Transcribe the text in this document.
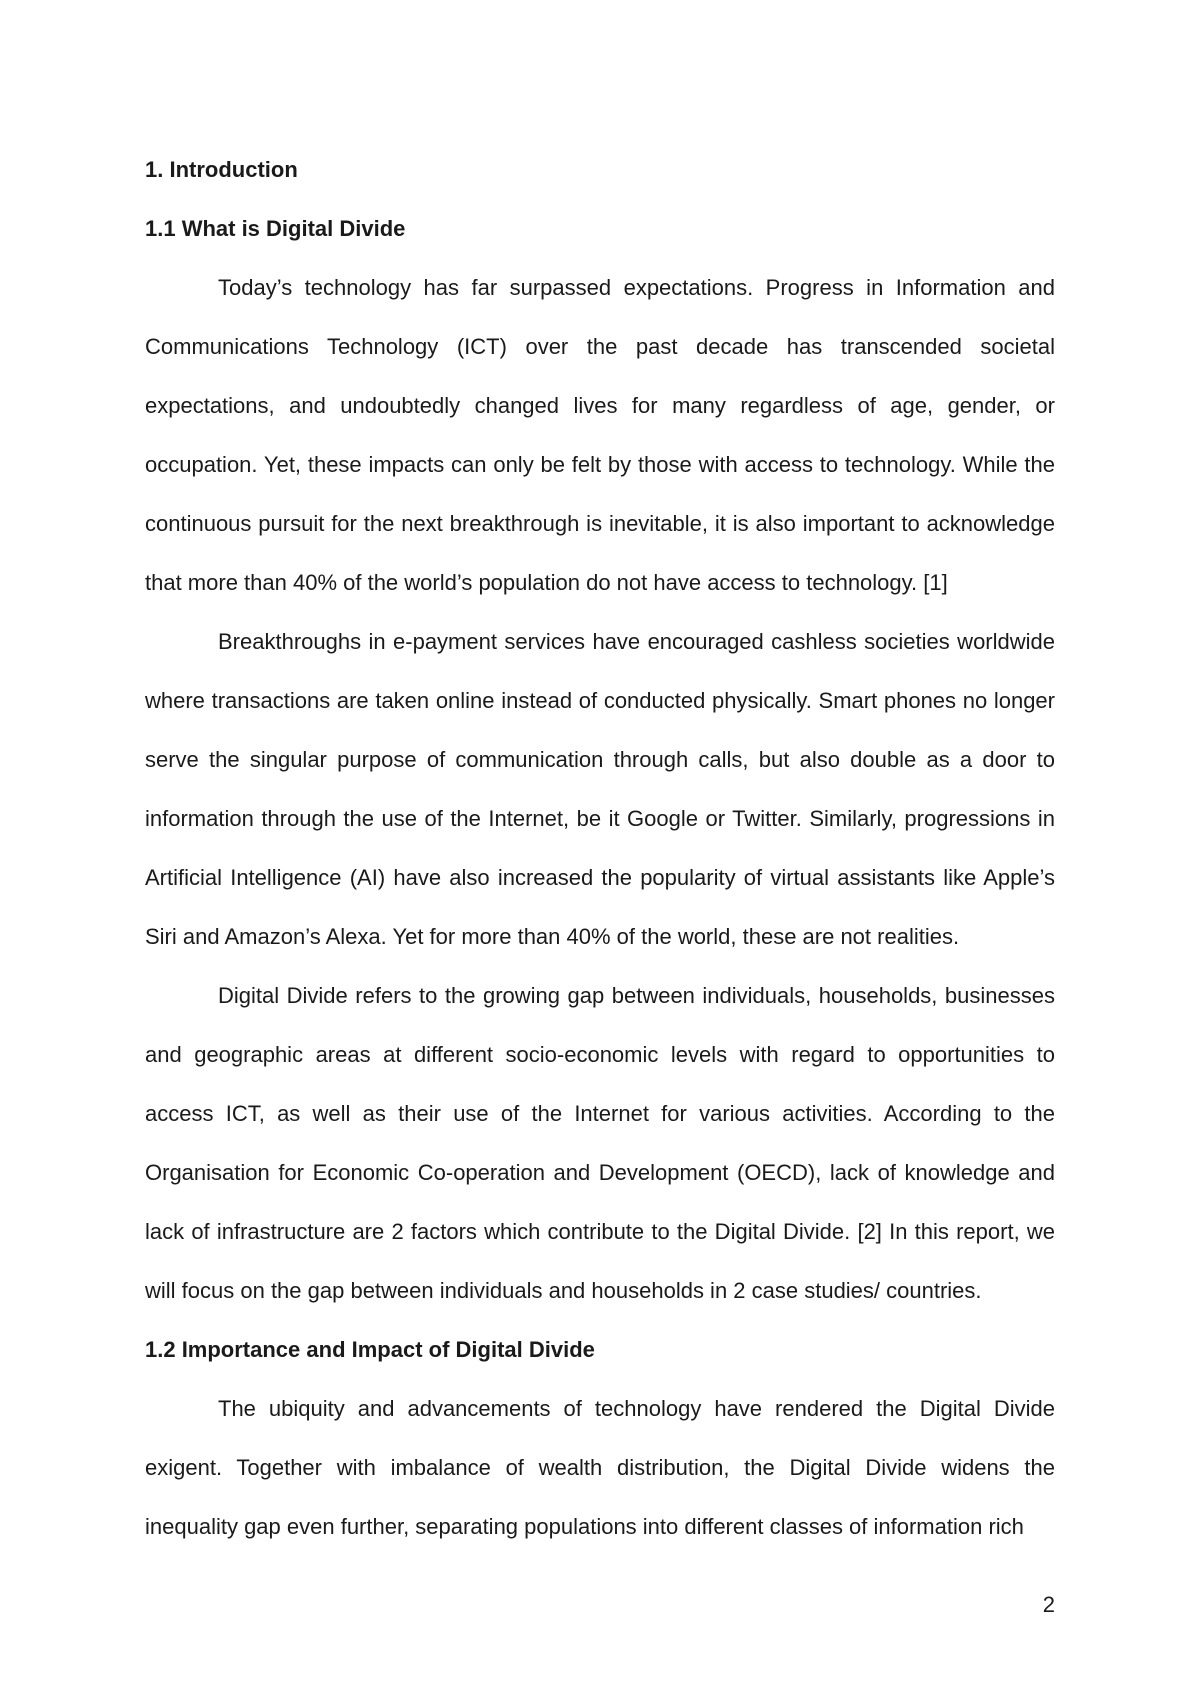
1. Introduction

1.1 What is Digital Divide

Today’s technology has far surpassed expectations. Progress in Information and Communications Technology (ICT) over the past decade has transcended societal expectations, and undoubtedly changed lives for many regardless of age, gender, or occupation. Yet, these impacts can only be felt by those with access to technology. While the continuous pursuit for the next breakthrough is inevitable, it is also important to acknowledge that more than 40% of the world’s population do not have access to technology. [1]

Breakthroughs in e-payment services have encouraged cashless societies worldwide where transactions are taken online instead of conducted physically. Smart phones no longer serve the singular purpose of communication through calls, but also double as a door to information through the use of the Internet, be it Google or Twitter. Similarly, progressions in Artificial Intelligence (AI) have also increased the popularity of virtual assistants like Apple’s Siri and Amazon’s Alexa. Yet for more than 40% of the world, these are not realities.

Digital Divide refers to the growing gap between individuals, households, businesses and geographic areas at different socio-economic levels with regard to opportunities to access ICT, as well as their use of the Internet for various activities. According to the Organisation for Economic Co-operation and Development (OECD), lack of knowledge and lack of infrastructure are 2 factors which contribute to the Digital Divide. [2] In this report, we will focus on the gap between individuals and households in 2 case studies/ countries.

1.2 Importance and Impact of Digital Divide

The ubiquity and advancements of technology have rendered the Digital Divide exigent. Together with imbalance of wealth distribution, the Digital Divide widens the inequality gap even further, separating populations into different classes of information rich

2
